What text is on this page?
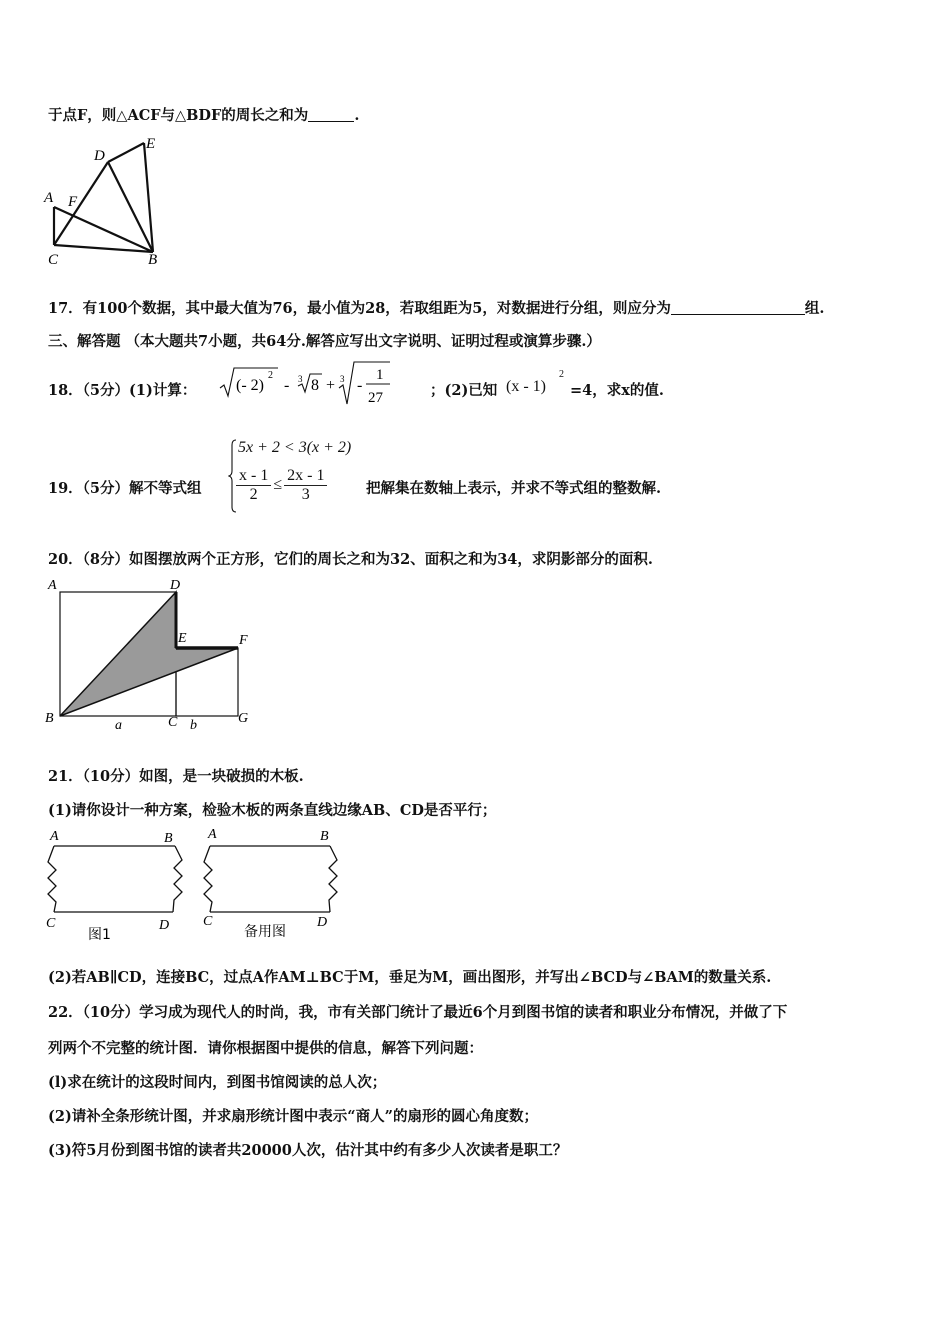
于点F，则△ACF与△BDF的周长之和为	.
D
E
A F
C	B
17．有100个数据，其中最大值为76，最小值为28，若取组距为5，对数据进行分组，则应分为	组.
三、解答题 （本大题共7小题，共64分.解答应写出文字说明、证明过程或演算步骤.）
18．（5分）(1)计算： (- 2)
2
- 3 8 + 3 -
1
27	；(2)已知 (x - 1)
2
=4，求x的值.
19．（5分）解不等式组
5x + 2 < 3(x + 2)
$\frac{x - 1}{2} \le \frac{2x - 1}{3}$	把解集在数轴上表示，并求不等式组的整数解.
20．（8分）如图摆放两个正方形，它们的周长之和为32、面积之和为34，求阴影部分的面积.
A	D
E	F
B	C	G
a	b
21．（10分）如图，是一块破损的木板.
(1)请你设计一种方案，检验木板的两条直线边缘AB、CD是否平行；
A	B
C	D
图1
A	B
C	D
备用图
(2)若AB∥CD，连接BC，过点A作AM⊥BC于M，垂足为M，画出图形，并写出∠BCD与∠BAM的数量关系.
22．（10分）学习成为现代人的时尚，我，市有关部门统计了最近6个月到图书馆的读者和职业分布情况，并做了下
列两个不完整的统计图．请你根据图中提供的信息，解答下列问题：
(l)求在统计的这段时间内，到图书馆阅读的总人次；
(2)请补全条形统计图，并求扇形统计图中表示“商人”的扇形的圆心角度数；
(3)符5月份到图书馆的读者共20000人次，估汁其中约有多少人次读者是职工？
